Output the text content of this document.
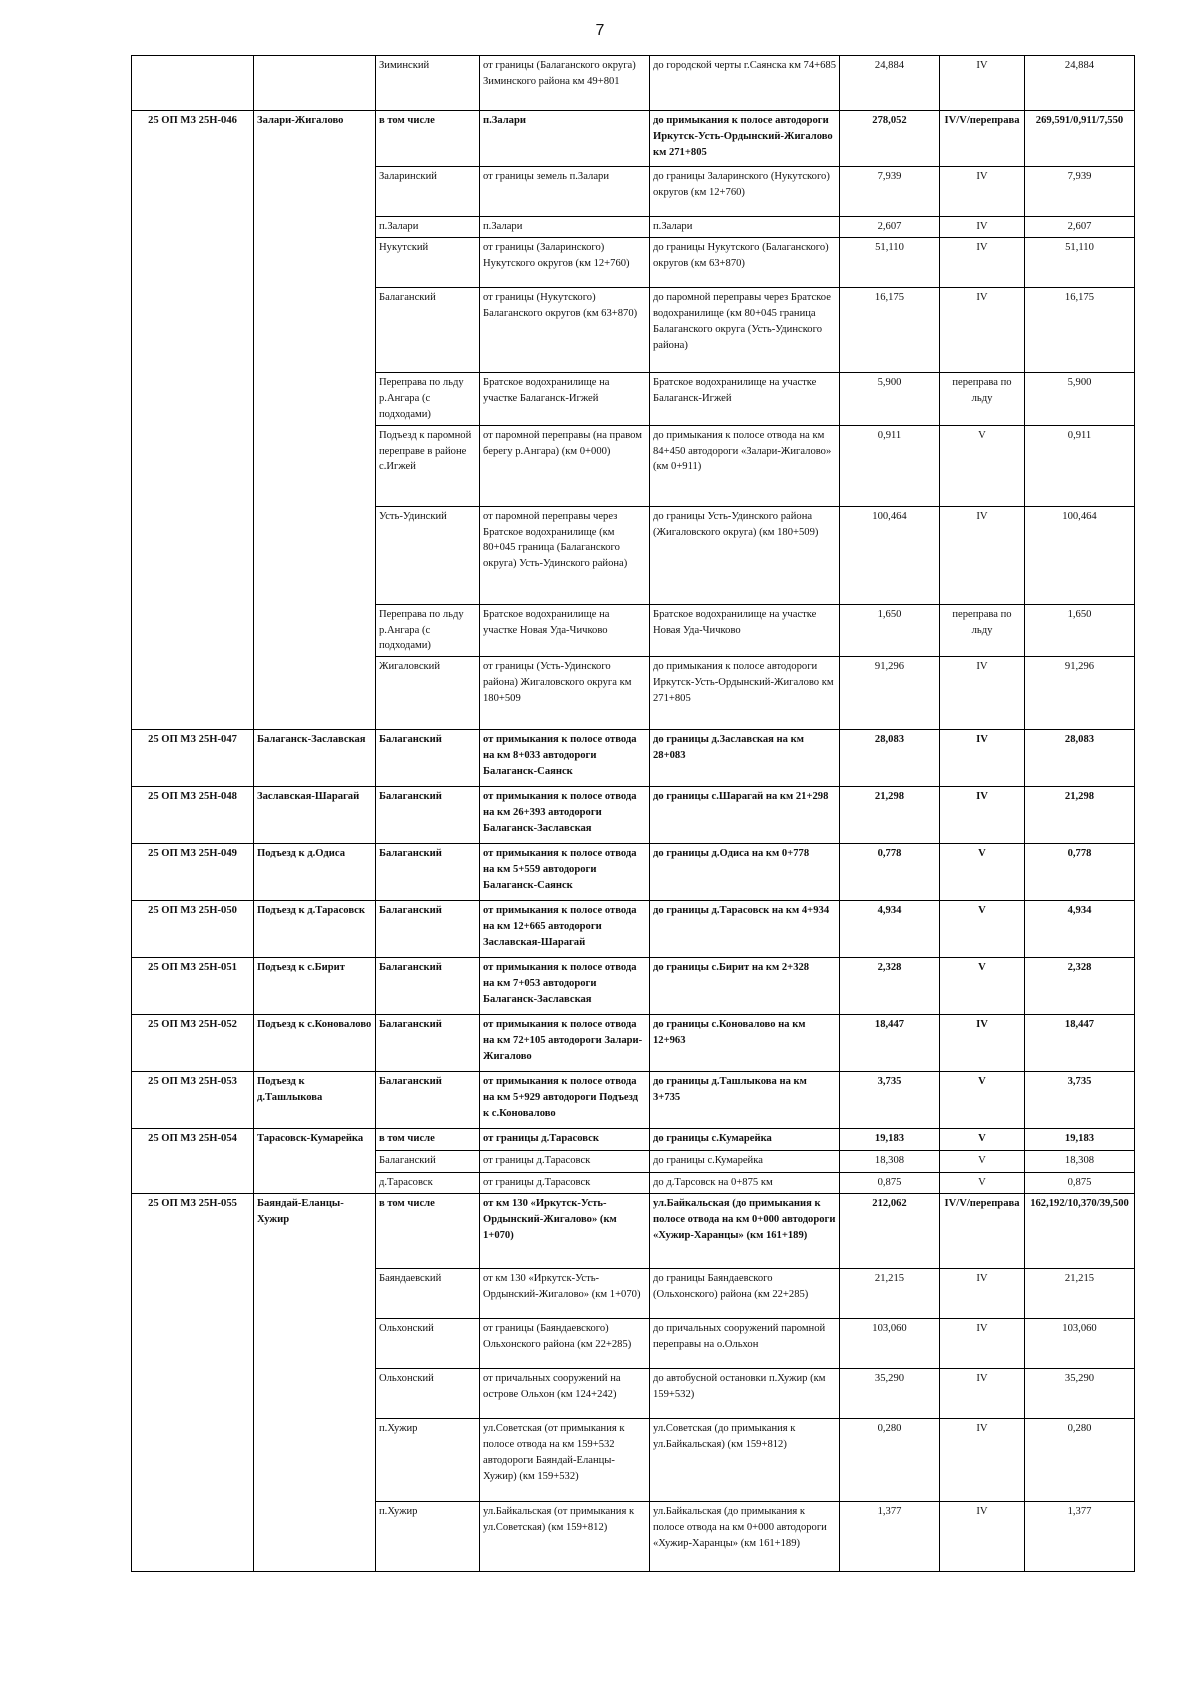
7
		Зиминский	от границы (Балаганского округа) Зиминского района км 49+801	до городской черты г.Саянска км 74+685	24,884	IV	24,884
25 ОП МЗ 25Н-046	Залари-Жигалово	в том числе	п.Залари	до примыкания к полосе автодороги Иркутск-Усть-Ордынский-Жигалово км 271+805	278,052	IV/V/переправа	269,591/0,911/7,550
		Заларинский	от границы земель п.Залари	до границы Заларинского (Нукутского) округов (км 12+760)	7,939	IV	7,939
		п.Залари	п.Залари	п.Залари	2,607	IV	2,607
		Нукутский	от границы (Заларинского) Нукутского округов (км 12+760)	до границы Нукутского (Балаганского) округов (км 63+870)	51,110	IV	51,110
		Балаганский	от границы (Нукутского) Балаганского округов (км 63+870)	до паромной переправы через Братское водохранилище (км 80+045 граница Балаганского округа (Усть-Удинского района)	16,175	IV	16,175
		Переправа по льду р.Ангара (с подходами)	Братское водохранилище на участке Балаганск-Игжей	Братское водохранилище на участке Балаганск-Игжей	5,900	переправа по льду	5,900
		Подъезд к паромной переправе в районе с.Игжей	от паромной переправы (на правом берегу р.Ангара) (км 0+000)	до примыкания к полосе отвода на км 84+450 автодороги «Залари-Жигалово» (км 0+911)	0,911	V	0,911
		Усть-Удинский	от паромной переправы через Братское водохранилище (км 80+045 граница (Балаганского округа) Усть-Удинского района)	до границы Усть-Удинского района (Жигаловского округа) (км 180+509)	100,464	IV	100,464
		Переправа по льду р.Ангара (с подходами)	Братское водохранилище на участке Новая Уда-Чичково	Братское водохранилище на участке Новая Уда-Чичково	1,650	переправа по льду	1,650
		Жигаловский	от границы (Усть-Удинского района) Жигаловского округа км 180+509	до примыкания к полосе автодороги Иркутск-Усть-Ордынский-Жигалово км 271+805	91,296	IV	91,296
25 ОП МЗ 25Н-047	Балаганск-Заславская	Балаганский	от примыкания к полосе отвода на км 8+033 автодороги Балаганск-Саянск	до границы д.Заславская на км 28+083	28,083	IV	28,083
25 ОП МЗ 25Н-048	Заславская-Шарагай	Балаганский	от примыкания к полосе отвода на км 26+393 автодороги Балаганск-Заславская	до границы с.Шарагай на км 21+298	21,298	IV	21,298
25 ОП МЗ 25Н-049	Подъезд к д.Одиса	Балаганский	от примыкания к полосе отвода на км 5+559 автодороги Балаганск-Саянск	до границы д.Одиса на км 0+778	0,778	V	0,778
25 ОП МЗ 25Н-050	Подъезд к д.Тарасовск	Балаганский	от примыкания к полосе отвода на км 12+665 автодороги Заславская-Шарагай	до границы д.Тарасовск на км 4+934	4,934	V	4,934
25 ОП МЗ 25Н-051	Подъезд к с.Бирит	Балаганский	от примыкания к полосе отвода на км 7+053 автодороги Балаганск-Заславская	до границы с.Бирит на км 2+328	2,328	V	2,328
25 ОП МЗ 25Н-052	Подъезд к с.Коновалово	Балаганский	от примыкания к полосе отвода на км 72+105 автодороги Залари-Жигалово	до границы с.Коновалово на км 12+963	18,447	IV	18,447
25 ОП МЗ 25Н-053	Подъезд к д.Ташлыкова	Балаганский	от примыкания к полосе отвода на км 5+929 автодороги Подъезд к с.Коновалово	до границы д.Ташлыкова на км 3+735	3,735	V	3,735
25 ОП МЗ 25Н-054	Тарасовск-Кумарейка	в том числе	от границы д.Тарасовск	до границы с.Кумарейка	19,183	V	19,183
		Балаганский	от границы д.Тарасовск	до границы с.Кумарейка	18,308	V	18,308
		д.Тарасовск	от границы д.Тарасовск	до д.Тарсовск на 0+875 км	0,875	V	0,875
25 ОП МЗ 25Н-055	Баяндай-Еланцы-Хужир	в том числе	от км 130 «Иркутск-Усть-Ордынский-Жигалово» (км 1+070)	ул.Байкальская (до примыкания к полосе отвода на км 0+000 автодороги «Хужир-Харанцы» (км 161+189)	212,062	IV/V/переправа	162,192/10,370/39,500
		Баяндаевский	от км 130 «Иркутск-Усть-Ордынский-Жигалово» (км 1+070)	до границы Баяндаевского (Ольхонского) района (км 22+285)	21,215	IV	21,215
		Ольхонский	от границы (Баяндаевского) Ольхонского района (км 22+285)	до причальных сооружений паромной переправы на о.Ольхон	103,060	IV	103,060
		Ольхонский	от причальных сооружений на острове Ольхон (км 124+242)	до автобусной остановки п.Хужир (км 159+532)	35,290	IV	35,290
		п.Хужир	ул.Советская (от примыкания к полосе отвода на км 159+532 автодороги Баяндай-Еланцы-Хужир) (км 159+532)	ул.Советская (до примыкания к ул.Байкальская) (км 159+812)	0,280	IV	0,280
		п.Хужир	ул.Байкальская (от примыкания к ул.Советская) (км 159+812)	ул.Байкальская (до примыкания к полосе отвода на км 0+000 автодороги «Хужир-Харанцы» (км 161+189)	1,377	IV	1,377
